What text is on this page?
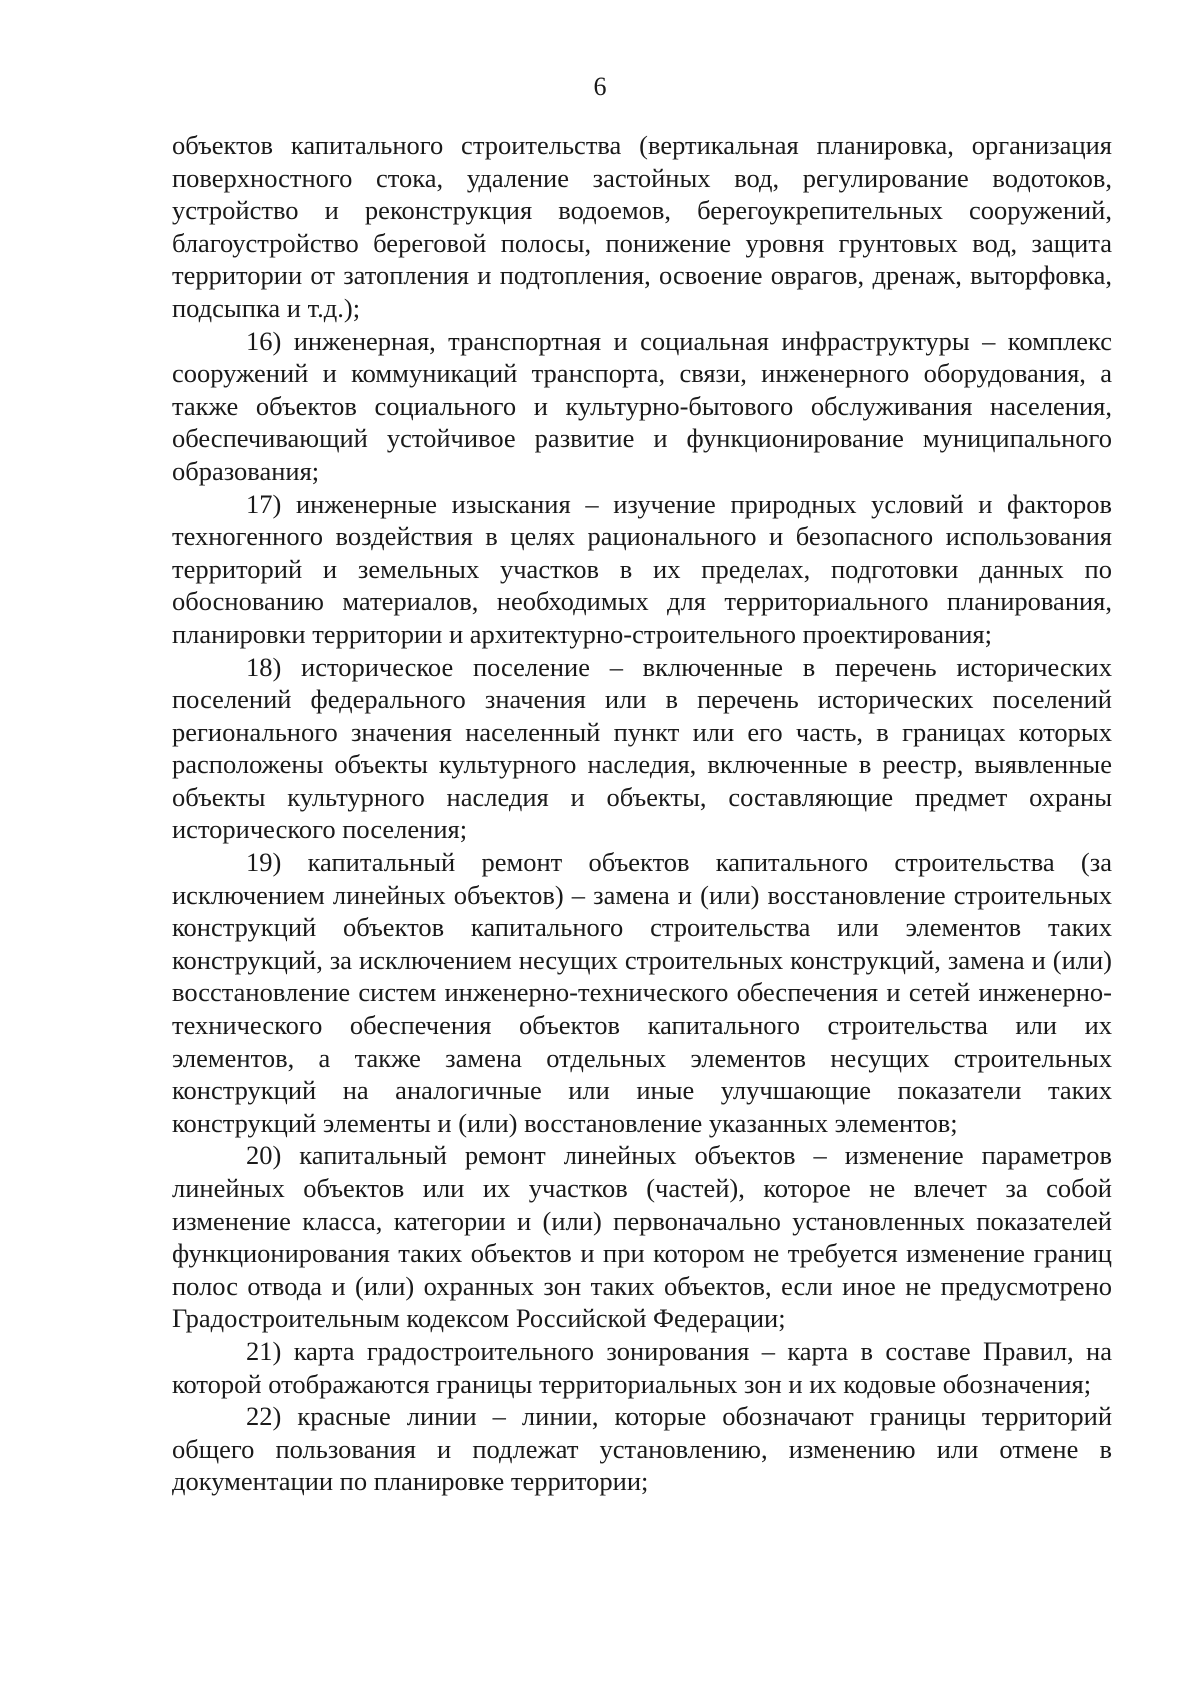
6

объектов капитального строительства (вертикальная планировка, организация поверхностного стока, удаление застойных вод, регулирование водотоков, устройство и реконструкция водоемов, берегоукрепительных сооружений, благоустройство береговой полосы, понижение уровня грунтовых вод, защита территории от затопления и подтопления, освоение оврагов, дренаж, выторфовка, подсыпка и т.д.);

16) инженерная, транспортная и социальная инфраструктуры – комплекс сооружений и коммуникаций транспорта, связи, инженерного оборудования, а также объектов социального и культурно-бытового обслуживания населения, обеспечивающий устойчивое развитие и функционирование муниципального образования;

17) инженерные изыскания – изучение природных условий и факторов техногенного воздействия в целях рационального и безопасного использования территорий и земельных участков в их пределах, подготовки данных по обоснованию материалов, необходимых для территориального планирования, планировки территории и архитектурно-строительного проектирования;

18) историческое поселение – включенные в перечень исторических поселений федерального значения или в перечень исторических поселений регионального значения населенный пункт или его часть, в границах которых расположены объекты культурного наследия, включенные в реестр, выявленные объекты культурного наследия и объекты, составляющие предмет охраны исторического поселения;

19) капитальный ремонт объектов капитального строительства (за исключением линейных объектов) – замена и (или) восстановление строительных конструкций объектов капитального строительства или элементов таких конструкций, за исключением несущих строительных конструкций, замена и (или) восстановление систем инженерно-технического обеспечения и сетей инженерно-технического обеспечения объектов капитального строительства или их элементов, а также замена отдельных элементов несущих строительных конструкций на аналогичные или иные улучшающие показатели таких конструкций элементы и (или) восстановление указанных элементов;

20) капитальный ремонт линейных объектов – изменение параметров линейных объектов или их участков (частей), которое не влечет за собой изменение класса, категории и (или) первоначально установленных показателей функционирования таких объектов и при котором не требуется изменение границ полос отвода и (или) охранных зон таких объектов, если иное не предусмотрено Градостроительным кодексом Российской Федерации;

21) карта градостроительного зонирования – карта в составе Правил, на которой отображаются границы территориальных зон и их кодовые обозначения;

22) красные линии – линии, которые обозначают границы территорий общего пользования и подлежат установлению, изменению или отмене в документации по планировке территории;
